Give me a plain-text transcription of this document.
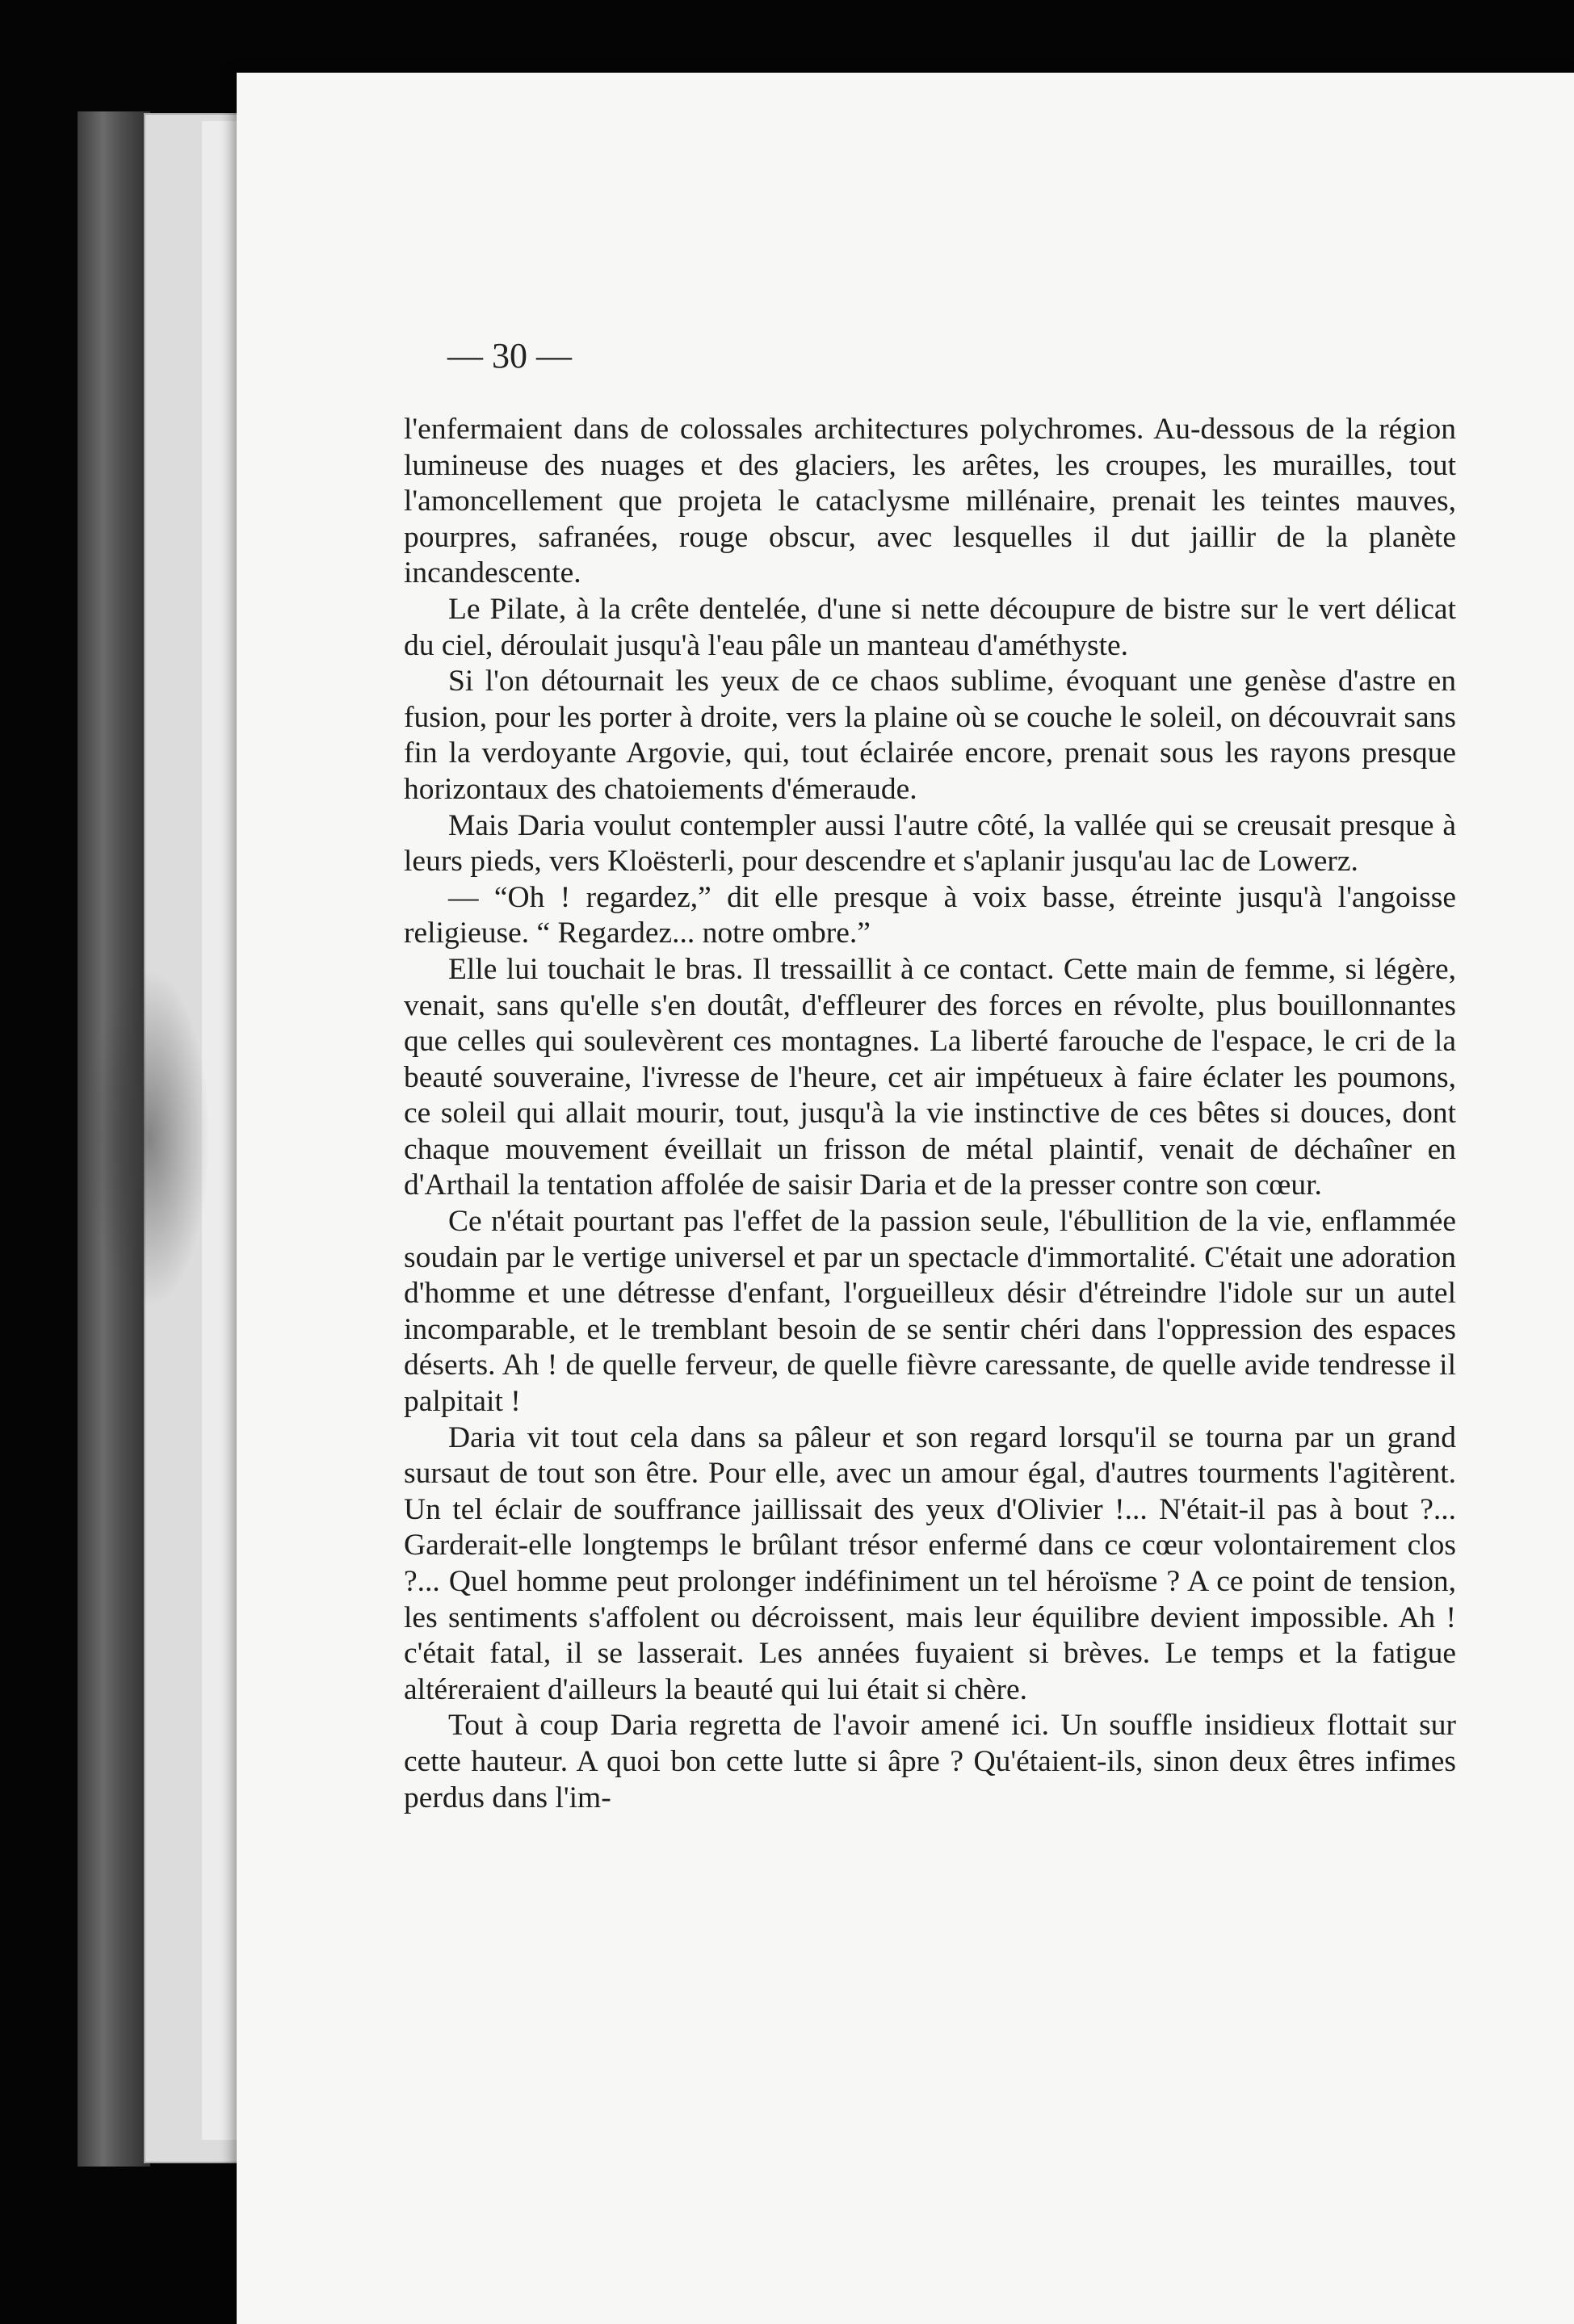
— 30 —

l'enfermaient dans de colossales architectures polychromes. Au-dessous de la région lumineuse des nuages et des glaciers, les arêtes, les croupes, les murailles, tout l'amoncellement que projeta le cataclysme millénaire, prenait les teintes mauves, pourpres, safranées, rouge obscur, avec lesquelles il dut jaillir de la planète incandescente.

Le Pilate, à la crête dentelée, d'une si nette découpure de bistre sur le vert délicat du ciel, déroulait jusqu'à l'eau pâle un manteau d'améthyste.

Si l'on détournait les yeux de ce chaos sublime, évoquant une genèse d'astre en fusion, pour les porter à droite, vers la plaine où se couche le soleil, on découvrait sans fin la verdoyante Argovie, qui, tout éclairée encore, prenait sous les rayons presque horizontaux des chatoiements d'émeraude.

Mais Daria voulut contempler aussi l'autre côté, la vallée qui se creusait presque à leurs pieds, vers Kloësterli, pour descendre et s'aplanir jusqu'au lac de Lowerz.

— “Oh ! regardez,” dit elle presque à voix basse, étreinte jusqu'à l'angoisse religieuse. “ Regardez... notre ombre.”

Elle lui touchait le bras. Il tressaillit à ce contact. Cette main de femme, si légère, venait, sans qu'elle s'en doutât, d'effleurer des forces en révolte, plus bouillonnantes que celles qui soulevèrent ces montagnes. La liberté farouche de l'espace, le cri de la beauté souveraine, l'ivresse de l'heure, cet air impétueux à faire éclater les poumons, ce soleil qui allait mourir, tout, jusqu'à la vie instinctive de ces bêtes si douces, dont chaque mouvement éveillait un frisson de métal plaintif, venait de déchaîner en d'Arthail la tentation affolée de saisir Daria et de la presser contre son cœur.

Ce n'était pourtant pas l'effet de la passion seule, l'ébullition de la vie, enflammée soudain par le vertige universel et par un spectacle d'immortalité. C'était une adoration d'homme et une détresse d'enfant, l'orgueilleux désir d'étreindre l'idole sur un autel incomparable, et le tremblant besoin de se sentir chéri dans l'oppression des espaces déserts. Ah ! de quelle ferveur, de quelle fièvre caressante, de quelle avide tendresse il palpitait !

Daria vit tout cela dans sa pâleur et son regard lorsqu'il se tourna par un grand sursaut de tout son être. Pour elle, avec un amour égal, d'autres tourments l'agitèrent. Un tel éclair de souffrance jaillissait des yeux d'Olivier !... N'était-il pas à bout ?... Garderait-elle longtemps le brûlant trésor enfermé dans ce cœur volontairement clos ?... Quel homme peut prolonger indéfiniment un tel héroïsme ? A ce point de tension, les sentiments s'affolent ou décroissent, mais leur équilibre devient impossible. Ah ! c'était fatal, il se lasserait. Les années fuyaient si brèves. Le temps et la fatigue altéreraient d'ailleurs la beauté qui lui était si chère.

Tout à coup Daria regretta de l'avoir amené ici. Un souffle insidieux flottait sur cette hauteur. A quoi bon cette lutte si âpre ? Qu'étaient-ils, sinon deux êtres infimes perdus dans l'im-
